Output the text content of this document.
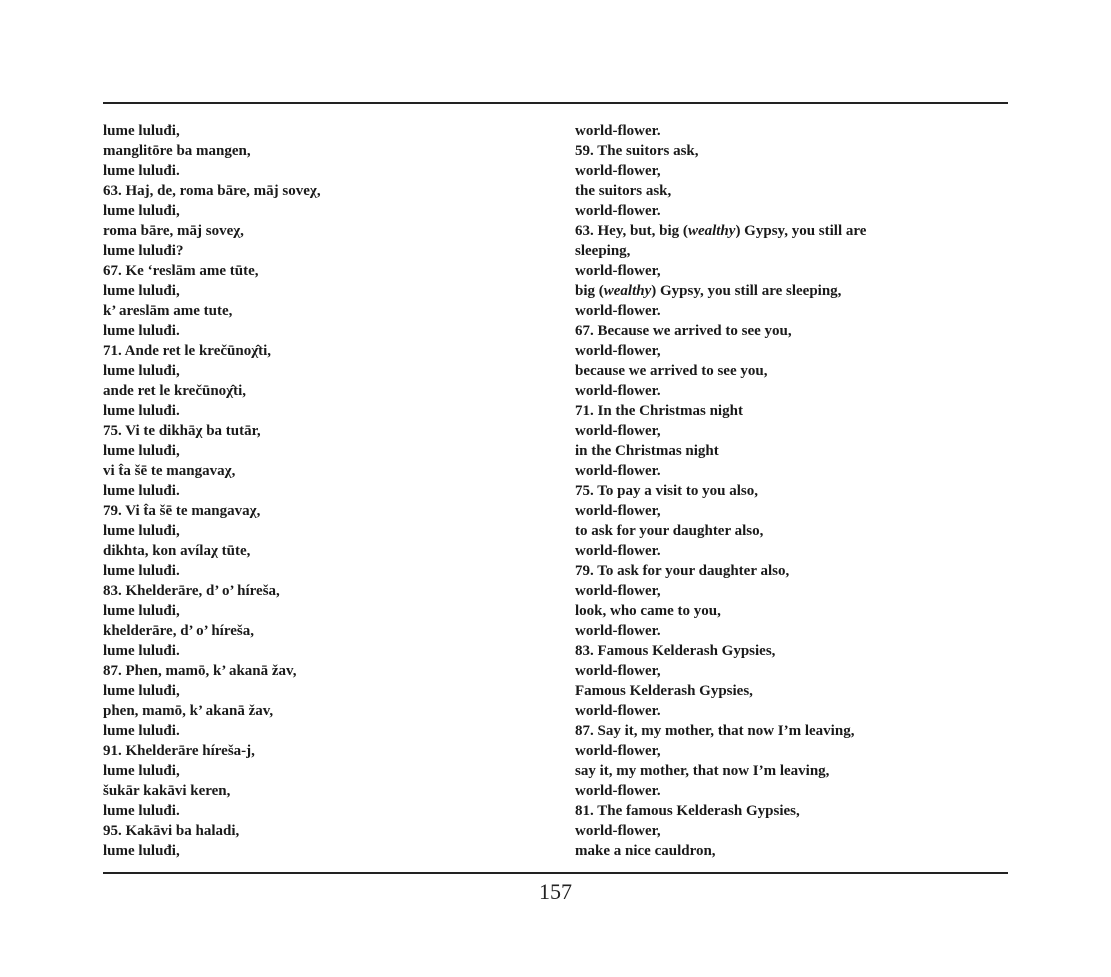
lume luluđi,
manglitōre ba mangen,
lume luluđi.
63. Haj, de, roma bāre, māj soveχ,
lume luluđi,
roma bāre, māj soveχ,
lume luluđi?
67. Ke ‘reslām ame tūte,
lume luluđi,
k’ areslām ame tute,
lume luluđi.
71. Ande ret le krečūnoχ̂ti,
lume luluđi,
ande ret le krečūnoχ̂ti,
lume luluđi.
75. Vi te dikhāχ ba tutār,
lume luluđi,
vi t̂a šē te mangavaχ,
lume luluđi.
79. Vi t̂a šē te mangavaχ,
lume luluđi,
dikhta, kon avílaχ tūte,
lume luluđi.
83. Khelderāre, d’ o’ híreša,
lume luluđi,
khelderāre, d’ o’ híreša,
lume luluđi.
87. Phen, mamō, k’ akanā žav,
lume luluđi,
phen, mamō, k’ akanā žav,
lume luluđi.
91. Khelderāre híreša-j,
lume luluđi,
šukār kakāvi keren,
lume luluđi.
95. Kakāvi ba haladi,
lume luluđi,
world-flower.
59. The suitors ask,
world-flower,
the suitors ask,
world-flower.
63. Hey, but, big (wealthy) Gypsy, you still are
sleeping,
world-flower,
big (wealthy) Gypsy, you still are sleeping,
world-flower.
67. Because we arrived to see you,
world-flower,
because we arrived to see you,
world-flower.
71. In the Christmas night
world-flower,
in the Christmas night
world-flower.
75. To pay a visit to you also,
world-flower,
to ask for your daughter also,
world-flower.
79. To ask for your daughter also,
world-flower,
look, who came to you,
world-flower.
83. Famous Kelderash Gypsies,
world-flower,
Famous Kelderash Gypsies,
world-flower.
87. Say it, my mother, that now I’m leaving,
world-flower,
say it, my mother, that now I’m leaving,
world-flower.
81. The famous Kelderash Gypsies,
world-flower,
make a nice cauldron,
157
